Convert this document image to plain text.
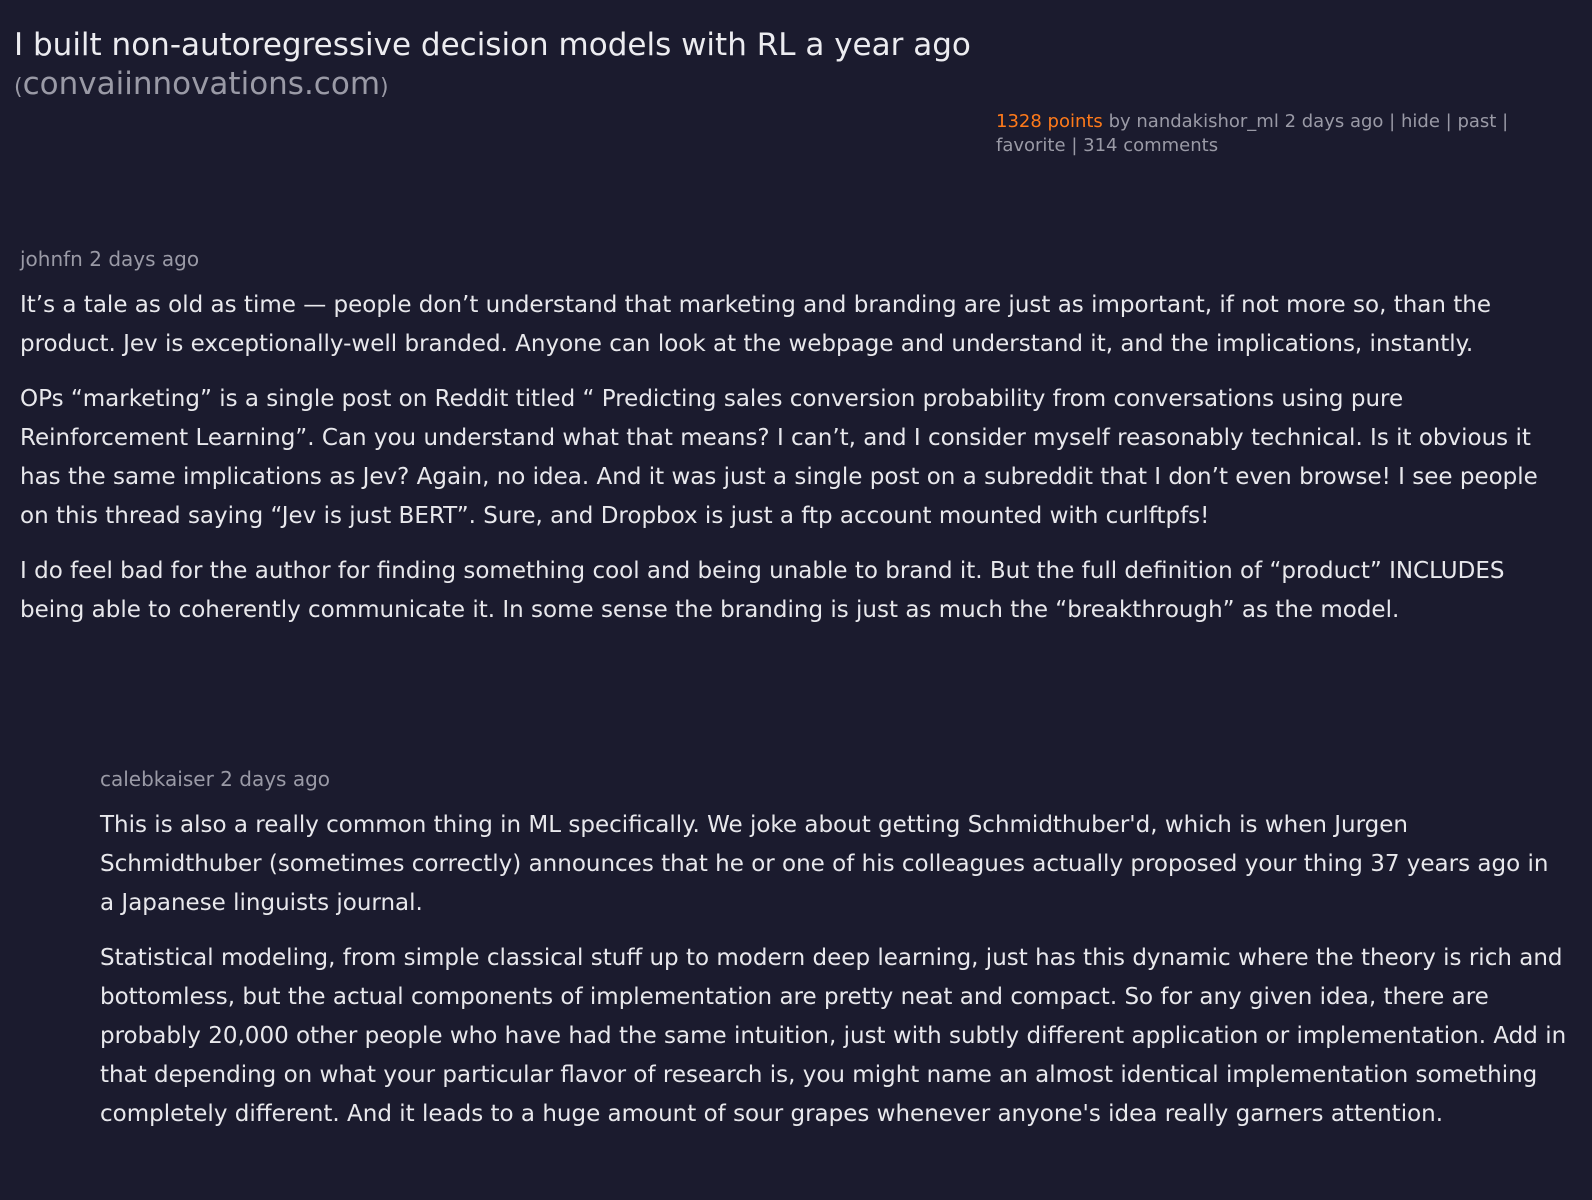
I built non-autoregressive decision models with RL a year ago (convaiinnovations.com)
1328 points by nandakishor_ml 2 days ago | hide | past | favorite | 314 comments
johnfn 2 days ago

It’s a tale as old as time — people don’t understand that marketing and branding are just as important, if not more so, than the product. Jev is exceptionally-well branded. Anyone can look at the webpage and understand it, and the implications, instantly.

OPs “marketing” is a single post on Reddit titled “ Predicting sales conversion probability from conversations using pure Reinforcement Learning”. Can you understand what that means? I can’t, and I consider myself reasonably technical. Is it obvious it has the same implications as Jev? Again, no idea. And it was just a single post on a subreddit that I don’t even browse! I see people on this thread saying “Jev is just BERT”. Sure, and Dropbox is just a ftp account mounted with curlftpfs!

I do feel bad for the author for finding something cool and being unable to brand it. But the full definition of “product” INCLUDES being able to coherently communicate it. In some sense the branding is just as much the “breakthrough” as the model.

calebkaiser 2 days ago

This is also a really common thing in ML specifically. We joke about getting Schmidthuber'd, which is when Jurgen Schmidthuber (sometimes correctly) announces that he or one of his colleagues actually proposed your thing 37 years ago in a Japanese linguists journal.

Statistical modeling, from simple classical stuff up to modern deep learning, just has this dynamic where the theory is rich and bottomless, but the actual components of implementation are pretty neat and compact. So for any given idea, there are probably 20,000 other people who have had the same intuition, just with subtly different application or implementation. Add in that depending on what your particular flavor of research is, you might name an almost identical implementation something completely different. And it leads to a huge amount of sour grapes whenever anyone's idea really garners attention.
